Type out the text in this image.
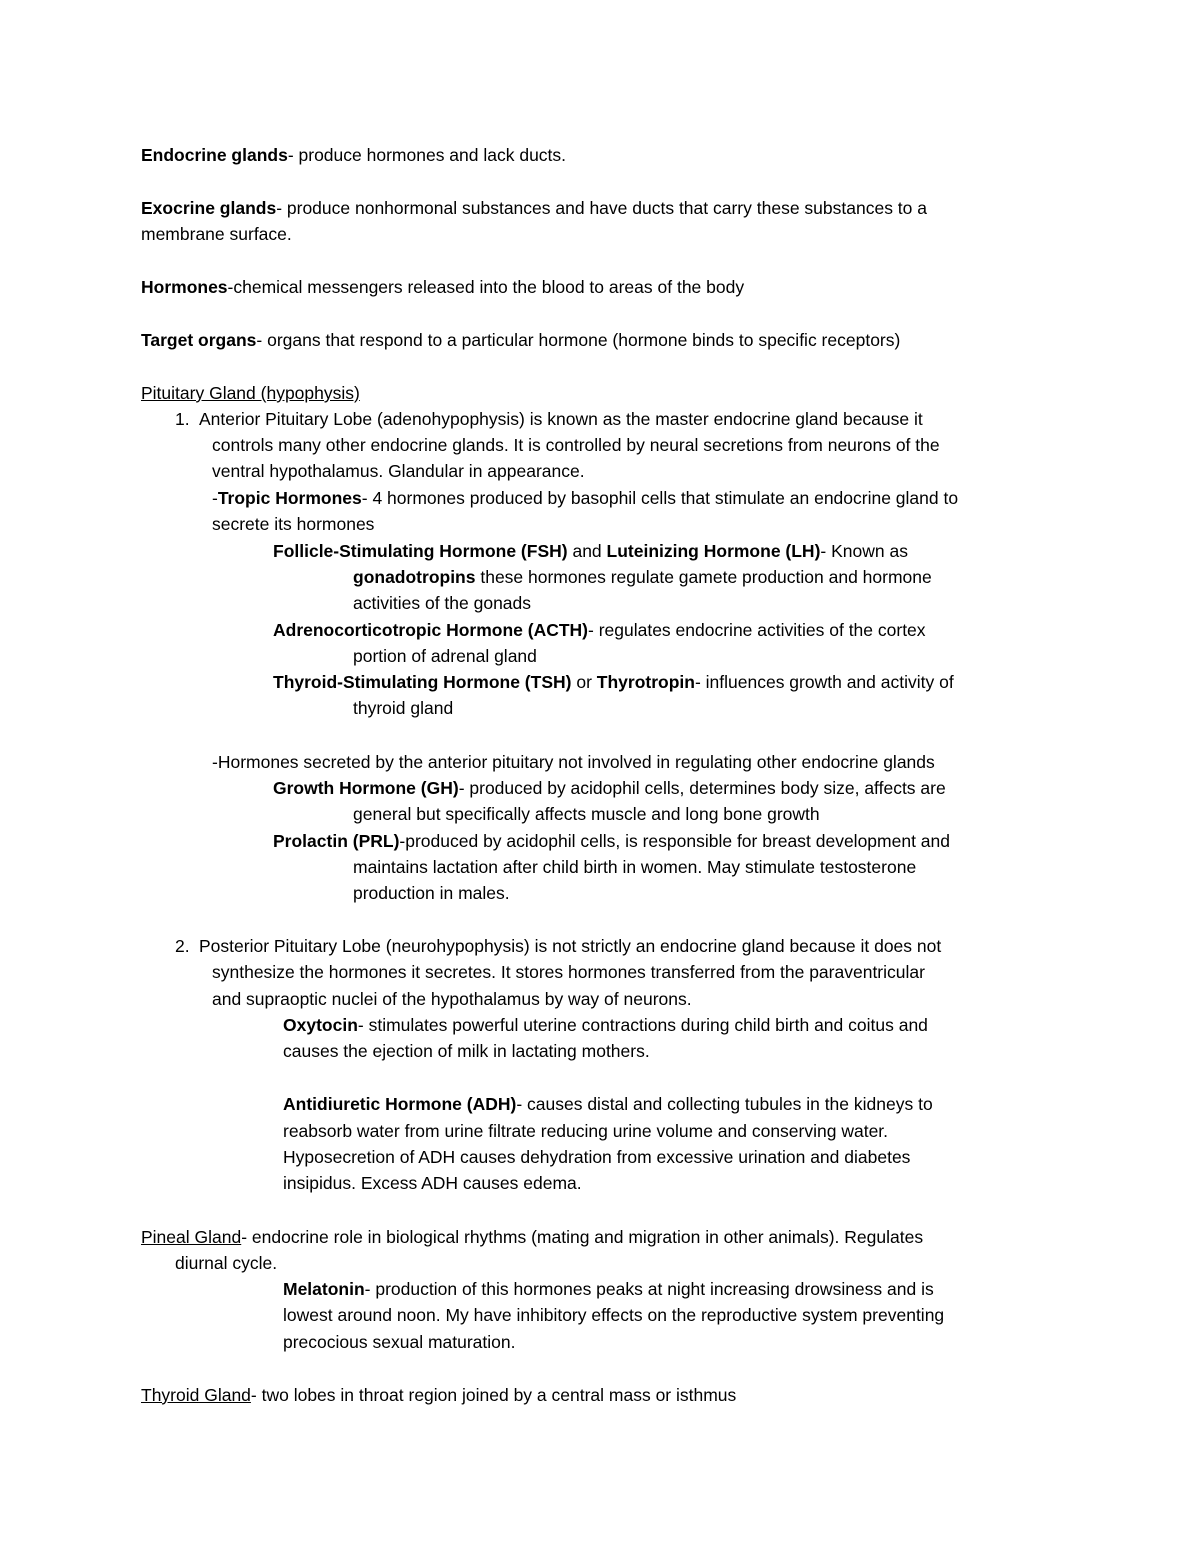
Endocrine glands- produce hormones and lack ducts.
Exocrine glands- produce nonhormonal substances and have ducts that carry these substances to a
membrane surface.
Hormones-chemical messengers released into the blood to areas of the body
Target organs- organs that respond to a particular hormone (hormone binds to specific receptors)
Pituitary Gland (hypophysis)
1. Anterior Pituitary Lobe (adenohypophysis) is known as the master endocrine gland because it
controls many other endocrine glands. It is controlled by neural secretions from neurons of the
ventral hypothalamus. Glandular in appearance.
-Tropic Hormones- 4 hormones produced by basophil cells that stimulate an endocrine gland to
secrete its hormones
Follicle-Stimulating Hormone (FSH) and Luteinizing Hormone (LH)- Known as
gonadotropins these hormones regulate gamete production and hormone
activities of the gonads
Adrenocorticotropic Hormone (ACTH)- regulates endocrine activities of the cortex
portion of adrenal gland
Thyroid-Stimulating Hormone (TSH) or Thyrotropin- influences growth and activity of
thyroid gland
-Hormones secreted by the anterior pituitary not involved in regulating other endocrine glands
Growth Hormone (GH)- produced by acidophil cells, determines body size, affects are
general but specifically affects muscle and long bone growth
Prolactin (PRL)-produced by acidophil cells, is responsible for breast development and
maintains lactation after child birth in women. May stimulate testosterone
production in males.
2. Posterior Pituitary Lobe (neurohypophysis) is not strictly an endocrine gland because it does not
synthesize the hormones it secretes. It stores hormones transferred from the paraventricular
and supraoptic nuclei of the hypothalamus by way of neurons.
Oxytocin- stimulates powerful uterine contractions during child birth and coitus and
causes the ejection of milk in lactating mothers.
Antidiuretic Hormone (ADH)- causes distal and collecting tubules in the kidneys to
reabsorb water from urine filtrate reducing urine volume and conserving water.
Hyposecretion of ADH causes dehydration from excessive urination and diabetes
insipidus. Excess ADH causes edema.
Pineal Gland- endocrine role in biological rhythms (mating and migration in other animals). Regulates
diurnal cycle.
Melatonin- production of this hormones peaks at night increasing drowsiness and is
lowest around noon. My have inhibitory effects on the reproductive system preventing
precocious sexual maturation.
Thyroid Gland- two lobes in throat region joined by a central mass or isthmus
